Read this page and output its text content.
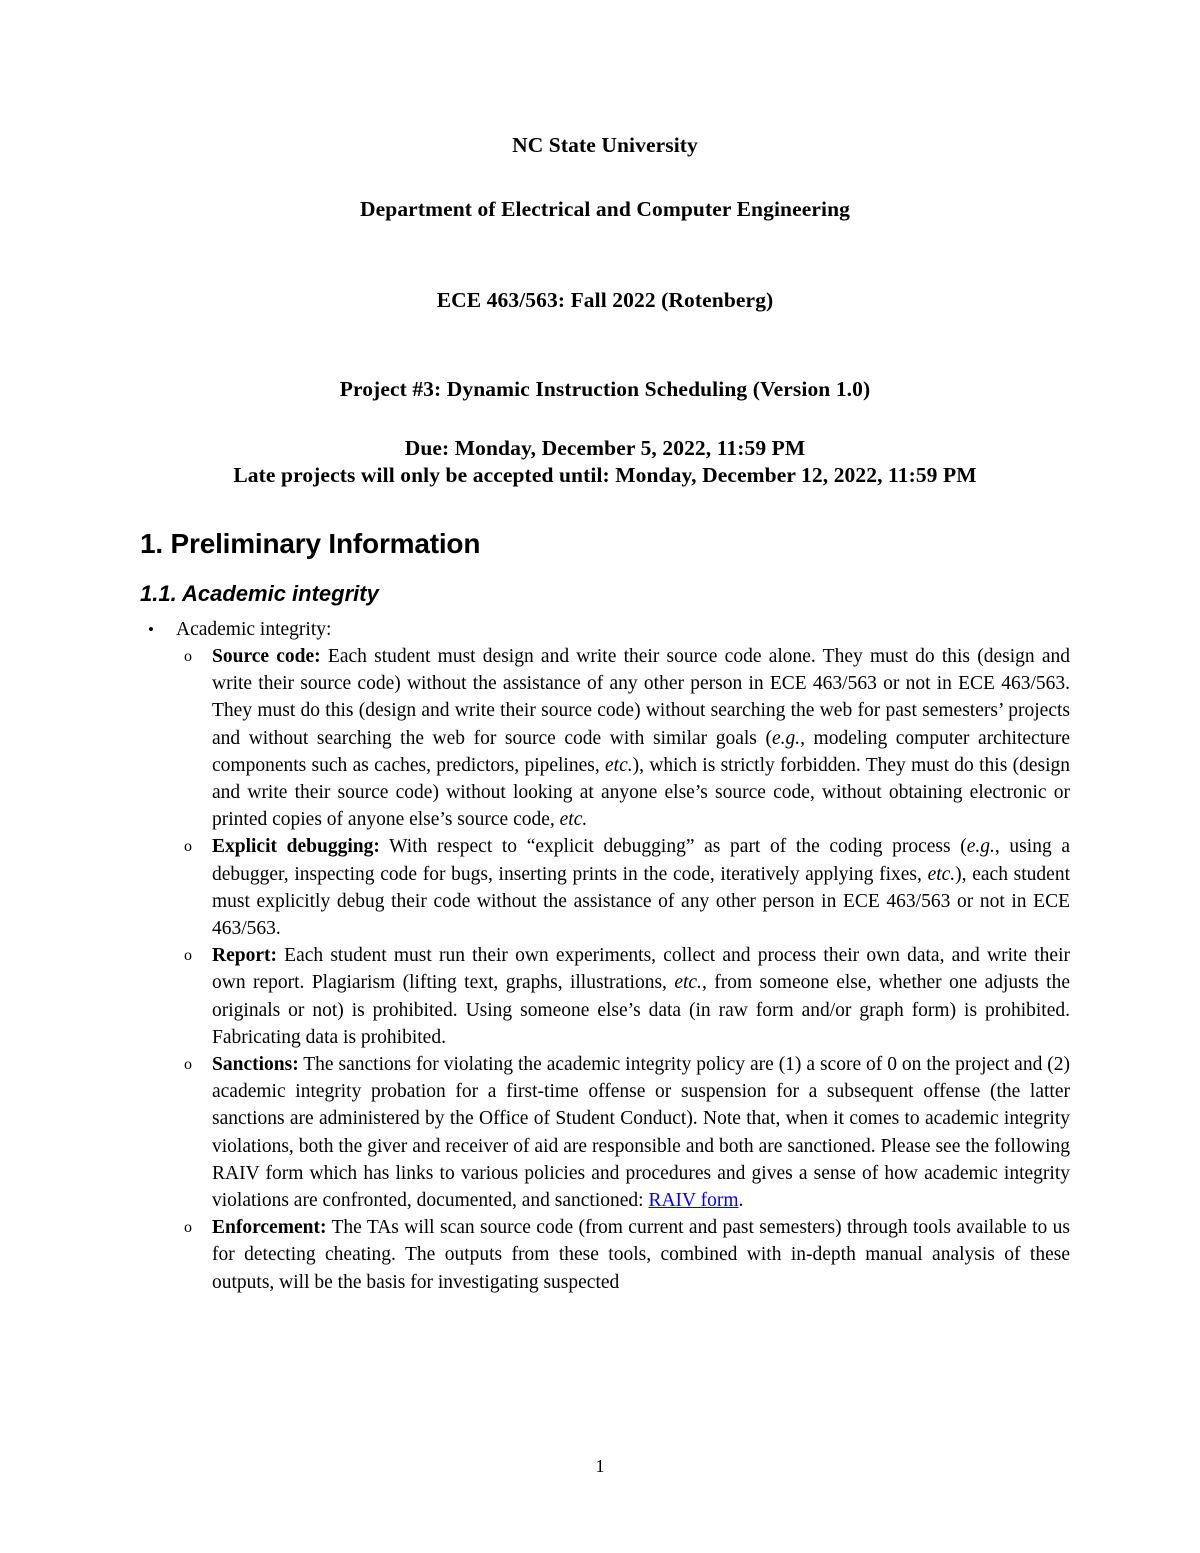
NC State University
Department of Electrical and Computer Engineering
ECE 463/563: Fall 2022 (Rotenberg)
Project #3: Dynamic Instruction Scheduling (Version 1.0)
Due: Monday, December 5, 2022, 11:59 PM
Late projects will only be accepted until: Monday, December 12, 2022, 11:59 PM
1. Preliminary Information
1.1. Academic integrity
• Academic integrity:
o Source code: Each student must design and write their source code alone. They must do this (design and write their source code) without the assistance of any other person in ECE 463/563 or not in ECE 463/563. They must do this (design and write their source code) without searching the web for past semesters’ projects and without searching the web for source code with similar goals (e.g., modeling computer architecture components such as caches, predictors, pipelines, etc.), which is strictly forbidden. They must do this (design and write their source code) without looking at anyone else’s source code, without obtaining electronic or printed copies of anyone else’s source code, etc.
o Explicit debugging: With respect to “explicit debugging” as part of the coding process (e.g., using a debugger, inspecting code for bugs, inserting prints in the code, iteratively applying fixes, etc.), each student must explicitly debug their code without the assistance of any other person in ECE 463/563 or not in ECE 463/563.
o Report: Each student must run their own experiments, collect and process their own data, and write their own report. Plagiarism (lifting text, graphs, illustrations, etc., from someone else, whether one adjusts the originals or not) is prohibited. Using someone else’s data (in raw form and/or graph form) is prohibited. Fabricating data is prohibited.
o Sanctions: The sanctions for violating the academic integrity policy are (1) a score of 0 on the project and (2) academic integrity probation for a first-time offense or suspension for a subsequent offense (the latter sanctions are administered by the Office of Student Conduct). Note that, when it comes to academic integrity violations, both the giver and receiver of aid are responsible and both are sanctioned. Please see the following RAIV form which has links to various policies and procedures and gives a sense of how academic integrity violations are confronted, documented, and sanctioned: RAIV form.
o Enforcement: The TAs will scan source code (from current and past semesters) through tools available to us for detecting cheating. The outputs from these tools, combined with in-depth manual analysis of these outputs, will be the basis for investigating suspected
1
